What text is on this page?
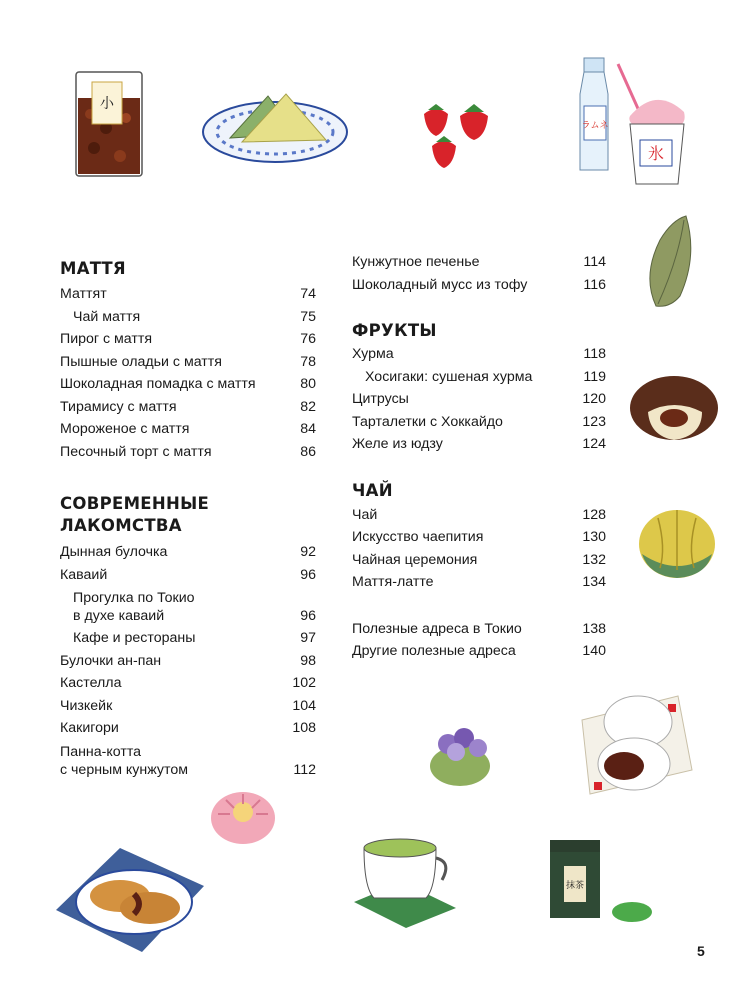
小
ラムネ
氷
抹茶
МАТТЯ
Маттят	74
Чай маття	75
Пирог с маття	76
Пышные оладьи с маття	78
Шоколадная помадка с маття	80
Тирамису с маття	82
Мороженое с маття	84
Песочный торт с маття	86
СОВРЕМЕННЫЕ
ЛАКОМСТВА
Дынная булочка	92
Каваий	96
Прогулка по Токио
в духе каваий	96
Кафе и рестораны	97
Булочки ан-пан	98
Кастелла	102
Чизкейк	104
Какигори	108
Панна-котта
с черным кунжутом	112
Кунжутное печенье	114
Шоколадный мусс из тофу	116
ФРУКТЫ
Хурма	118
Хосигаки: сушеная хурма	119
Цитрусы	120
Тарталетки с Хоккайдо	123
Желе из юдзу	124
ЧАЙ
Чай	128
Искусство чаепития	130
Чайная церемония	132
Маття-латте	134
Полезные адреса в Токио	138
Другие полезные адреса	140
5
